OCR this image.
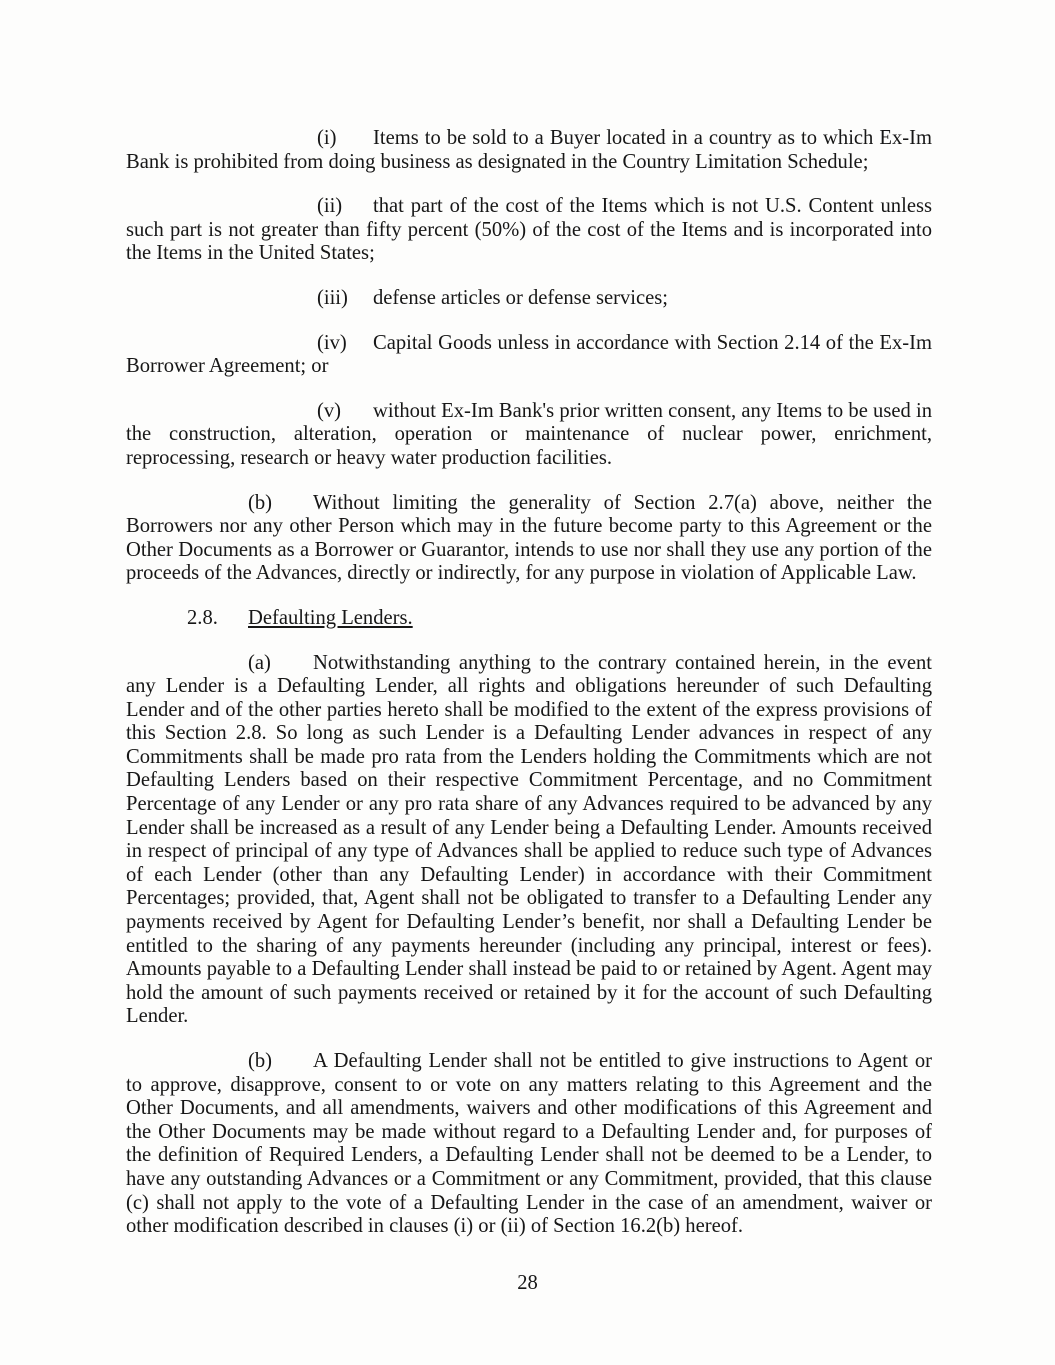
(i) Items to be sold to a Buyer located in a country as to which Ex-Im Bank is prohibited from doing business as designated in the Country Limitation Schedule;

(ii) that part of the cost of the Items which is not U.S. Content unless such part is not greater than fifty percent (50%) of the cost of the Items and is incorporated into the Items in the United States;

(iii) defense articles or defense services;

(iv) Capital Goods unless in accordance with Section 2.14 of the Ex-Im Borrower Agreement; or

(v) without Ex-Im Bank's prior written consent, any Items to be used in the construction, alteration, operation or maintenance of nuclear power, enrichment, reprocessing, research or heavy water production facilities.

(b) Without limiting the generality of Section 2.7(a) above, neither the Borrowers nor any other Person which may in the future become party to this Agreement or the Other Documents as a Borrower or Guarantor, intends to use nor shall they use any portion of the proceeds of the Advances, directly or indirectly, for any purpose in violation of Applicable Law.

2.8. Defaulting Lenders.

(a) Notwithstanding anything to the contrary contained herein, in the event any Lender is a Defaulting Lender, all rights and obligations hereunder of such Defaulting Lender and of the other parties hereto shall be modified to the extent of the express provisions of this Section 2.8. So long as such Lender is a Defaulting Lender advances in respect of any Commitments shall be made pro rata from the Lenders holding the Commitments which are not Defaulting Lenders based on their respective Commitment Percentage, and no Commitment Percentage of any Lender or any pro rata share of any Advances required to be advanced by any Lender shall be increased as a result of any Lender being a Defaulting Lender. Amounts received in respect of principal of any type of Advances shall be applied to reduce such type of Advances of each Lender (other than any Defaulting Lender) in accordance with their Commitment Percentages; provided, that, Agent shall not be obligated to transfer to a Defaulting Lender any payments received by Agent for Defaulting Lender’s benefit, nor shall a Defaulting Lender be entitled to the sharing of any payments hereunder (including any principal, interest or fees). Amounts payable to a Defaulting Lender shall instead be paid to or retained by Agent. Agent may hold the amount of such payments received or retained by it for the account of such Defaulting Lender.

(b) A Defaulting Lender shall not be entitled to give instructions to Agent or to approve, disapprove, consent to or vote on any matters relating to this Agreement and the Other Documents, and all amendments, waivers and other modifications of this Agreement and the Other Documents may be made without regard to a Defaulting Lender and, for purposes of the definition of Required Lenders, a Defaulting Lender shall not be deemed to be a Lender, to have any outstanding Advances or a Commitment or any Commitment, provided, that this clause (c) shall not apply to the vote of a Defaulting Lender in the case of an amendment, waiver or other modification described in clauses (i) or (ii) of Section 16.2(b) hereof.

28
